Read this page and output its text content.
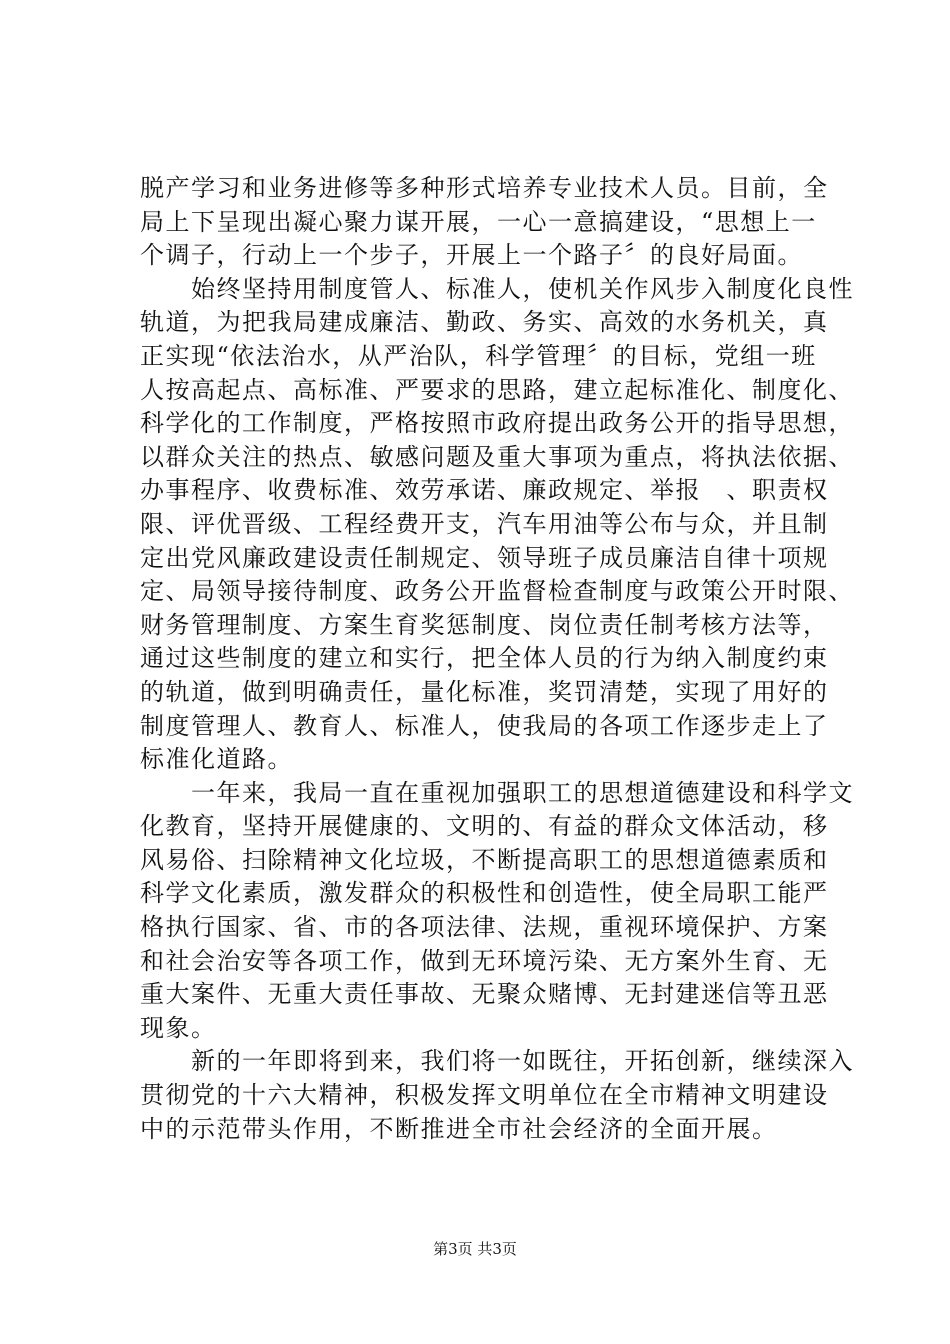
脱产学习和业务进修等多种形式培养专业技术人员。目前，全
局上下呈现出凝心聚力谋开展，一心一意搞建设，“思想上一
个调子，行动上一个步子，开展上一个路子〞的良好局面。
　　始终坚持用制度管人、标准人，使机关作风步入制度化良性
轨道，为把我局建成廉洁、勤政、务实、高效的水务机关，真
正实现“依法治水，从严治队，科学管理〞的目标，党组一班
人按高起点、高标准、严要求的思路，建立起标准化、制度化、
科学化的工作制度，严格按照市政府提出政务公开的指导思想，
以群众关注的热点、敏感问题及重大事项为重点，将执法依据、
办事程序、收费标准、效劳承诺、廉政规定、举报　、职责权
限、评优晋级、工程经费开支，汽车用油等公布与众，并且制
定出党风廉政建设责任制规定、领导班子成员廉洁自律十项规
定、局领导接待制度、政务公开监督检查制度与政策公开时限、
财务管理制度、方案生育奖惩制度、岗位责任制考核方法等，
通过这些制度的建立和实行，把全体人员的行为纳入制度约束
的轨道，做到明确责任，量化标准，奖罚清楚，实现了用好的
制度管理人、教育人、标准人，使我局的各项工作逐步走上了
标准化道路。
　　一年来，我局一直在重视加强职工的思想道德建设和科学文
化教育，坚持开展健康的、文明的、有益的群众文体活动，移
风易俗、扫除精神文化垃圾，不断提高职工的思想道德素质和
科学文化素质，激发群众的积极性和创造性，使全局职工能严
格执行国家、省、市的各项法律、法规，重视环境保护、方案
和社会治安等各项工作，做到无环境污染、无方案外生育、无
重大案件、无重大责任事故、无聚众赌博、无封建迷信等丑恶
现象。
　　新的一年即将到来，我们将一如既往，开拓创新，继续深入
贯彻党的十六大精神，积极发挥文明单位在全市精神文明建设
中的示范带头作用，不断推进全市社会经济的全面开展。
第3页 共3页
